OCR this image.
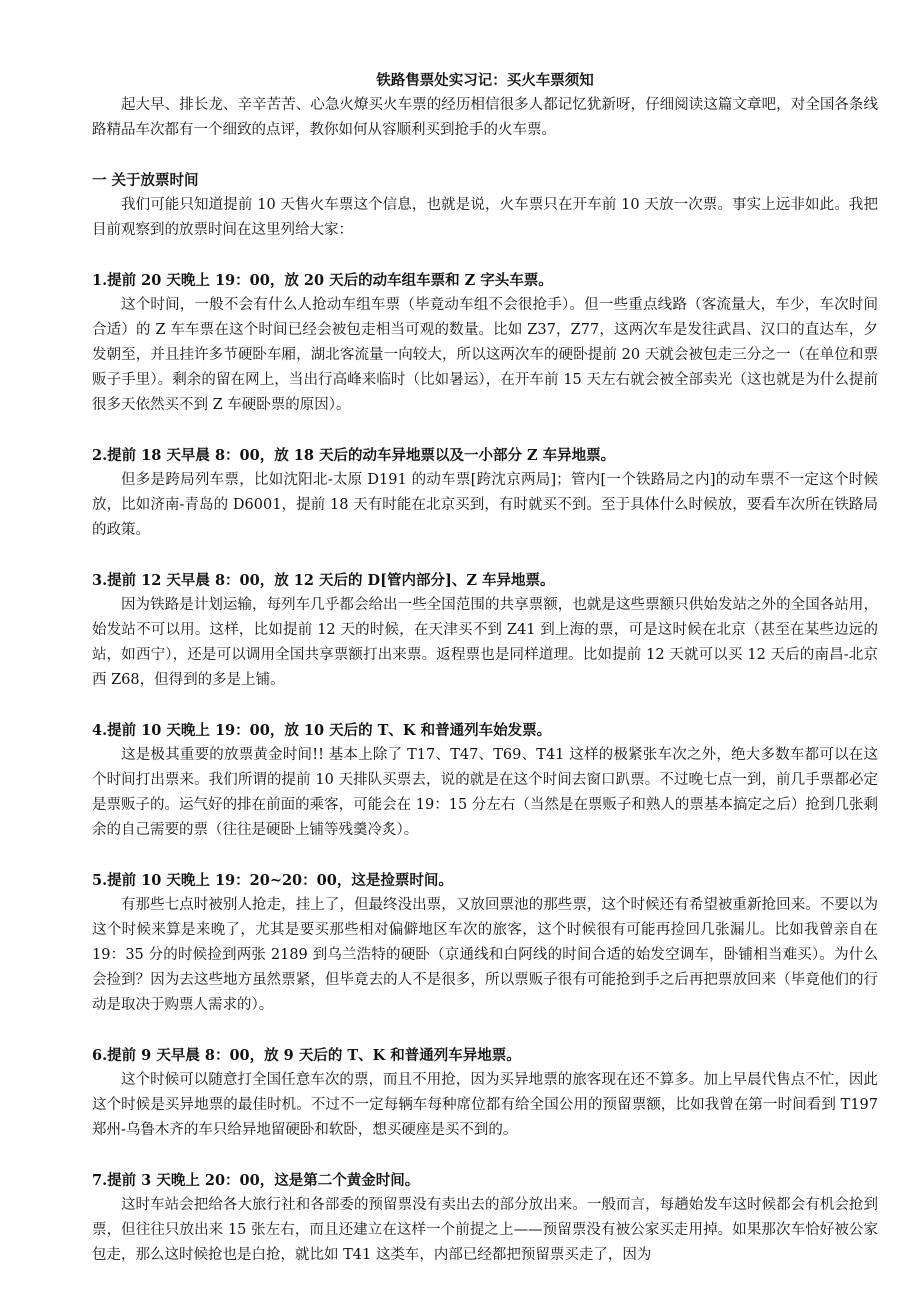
铁路售票处实习记：买火车票须知

起大早、排长龙、辛辛苦苦、心急火燎买火车票的经历相信很多人都记忆犹新呀，仔细阅读这篇文章吧，对全国各条线路精品车次都有一个细致的点评，教你如何从容顺利买到抢手的火车票。

一 关于放票时间

我们可能只知道提前 10 天售火车票这个信息，也就是说，火车票只在开车前 10 天放一次票。事实上远非如此。我把目前观察到的放票时间在这里列给大家：

1.提前 20 天晚上 19：00，放 20 天后的动车组车票和 Z 字头车票。

这个时间，一般不会有什么人抢动车组车票（毕竟动车组不会很抢手）。但一些重点线路（客流量大，车少，车次时间合适）的 Z 车车票在这个时间已经会被包走相当可观的数量。比如 Z37，Z77，这两次车是发往武昌、汉口的直达车，夕发朝至，并且挂许多节硬卧车厢，湖北客流量一向较大，所以这两次车的硬卧提前 20 天就会被包走三分之一（在单位和票贩子手里）。剩余的留在网上，当出行高峰来临时（比如暑运），在开车前 15 天左右就会被全部卖光（这也就是为什么提前很多天依然买不到 Z 车硬卧票的原因）。

2.提前 18 天早晨 8：00，放 18 天后的动车异地票以及一小部分 Z 车异地票。

但多是跨局列车票，比如沈阳北-太原 D191 的动车票[跨沈京两局]；管内[一个铁路局之内]的动车票不一定这个时候放，比如济南-青岛的 D6001，提前 18 天有时能在北京买到，有时就买不到。至于具体什么时候放，要看车次所在铁路局的政策。

3.提前 12 天早晨 8：00，放 12 天后的 D[管内部分]、Z 车异地票。

因为铁路是计划运输，每列车几乎都会给出一些全国范围的共享票额，也就是这些票额只供始发站之外的全国各站用，始发站不可以用。这样，比如提前 12 天的时候，在天津买不到 Z41 到上海的票，可是这时候在北京（甚至在某些边远的站，如西宁），还是可以调用全国共享票额打出来票。返程票也是同样道理。比如提前 12 天就可以买 12 天后的南昌-北京西 Z68，但得到的多是上铺。

4.提前 10 天晚上 19：00，放 10 天后的 T、K 和普通列车始发票。

这是极其重要的放票黄金时间!! 基本上除了 T17、T47、T69、T41 这样的极紧张车次之外，绝大多数车都可以在这个时间打出票来。我们所谓的提前 10 天排队买票去，说的就是在这个时间去窗口趴票。不过晚七点一到，前几手票都必定是票贩子的。运气好的排在前面的乘客，可能会在 19：15 分左右（当然是在票贩子和熟人的票基本搞定之后）抢到几张剩余的自己需要的票（往往是硬卧上铺等残羹冷炙）。

5.提前 10 天晚上 19：20~20：00，这是捡票时间。

有那些七点时被别人抢走，挂上了，但最终没出票，又放回票池的那些票，这个时候还有希望被重新抢回来。不要以为这个时候来算是来晚了，尤其是要买那些相对偏僻地区车次的旅客，这个时候很有可能再捡回几张漏儿。比如我曾亲自在 19：35 分的时候捡到两张 2189 到乌兰浩特的硬卧（京通线和白阿线的时间合适的始发空调车，卧铺相当难买）。为什么会捡到？因为去这些地方虽然票紧，但毕竟去的人不是很多，所以票贩子很有可能抢到手之后再把票放回来（毕竟他们的行动是取决于购票人需求的）。

6.提前 9 天早晨 8：00，放 9 天后的 T、K 和普通列车异地票。

这个时候可以随意打全国任意车次的票，而且不用抢，因为买异地票的旅客现在还不算多。加上早晨代售点不忙，因此这个时候是买异地票的最佳时机。不过不一定每辆车每种席位都有给全国公用的预留票额，比如我曾在第一时间看到 T197 郑州-乌鲁木齐的车只给异地留硬卧和软卧，想买硬座是买不到的。

7.提前 3 天晚上 20：00，这是第二个黄金时间。

这时车站会把给各大旅行社和各部委的预留票没有卖出去的部分放出来。一般而言，每趟始发车这时候都会有机会抢到票，但往往只放出来 15 张左右，而且还建立在这样一个前提之上——预留票没有被公家买走用掉。如果那次车恰好被公家包走，那么这时候抢也是白抢，就比如 T41 这类车，内部已经都把预留票买走了，因为
